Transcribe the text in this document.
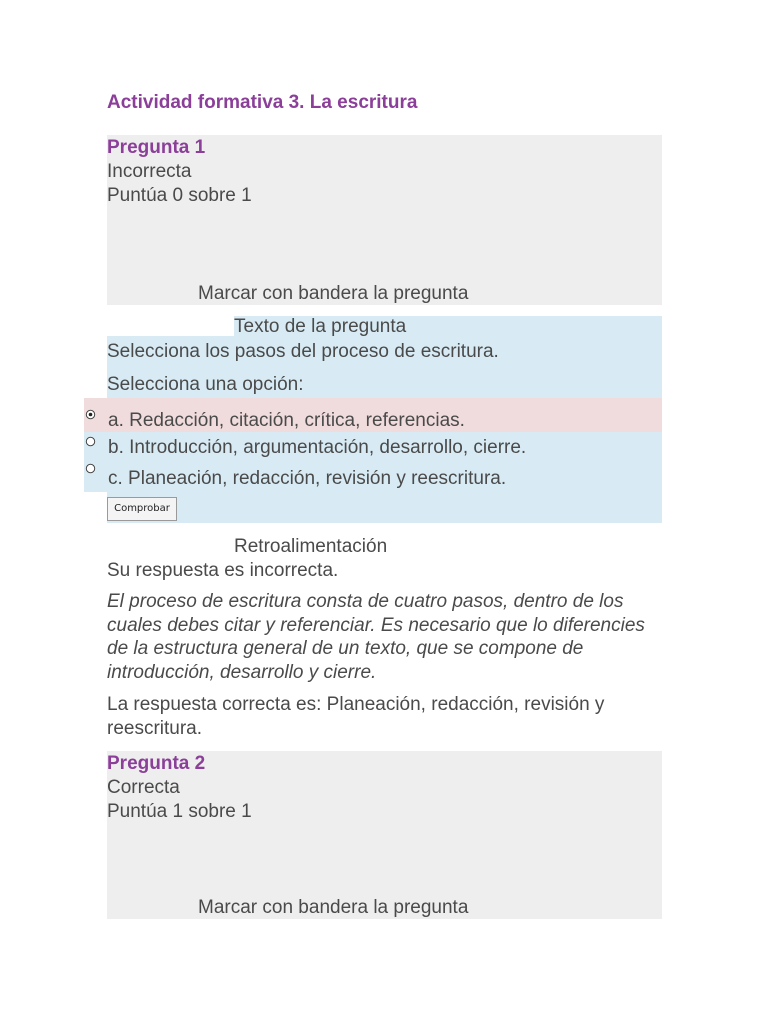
Actividad formativa 3. La escritura
Pregunta 1
Incorrecta
Puntúa 0 sobre 1
Marcar con bandera la pregunta
Texto de la pregunta
Selecciona los pasos del proceso de escritura.
Selecciona una opción:
a. Redacción, citación, crítica, referencias.
b. Introducción, argumentación, desarrollo, cierre.
c. Planeación, redacción, revisión y reescritura.
Comprobar
Retroalimentación
Su respuesta es incorrecta.
El proceso de escritura consta de cuatro pasos, dentro de los cuales debes citar y referenciar. Es necesario que lo diferencies de la estructura general de un texto, que se compone de introducción, desarrollo y cierre.
La respuesta correcta es: Planeación, redacción, revisión y reescritura.
Pregunta 2
Correcta
Puntúa 1 sobre 1
Marcar con bandera la pregunta
